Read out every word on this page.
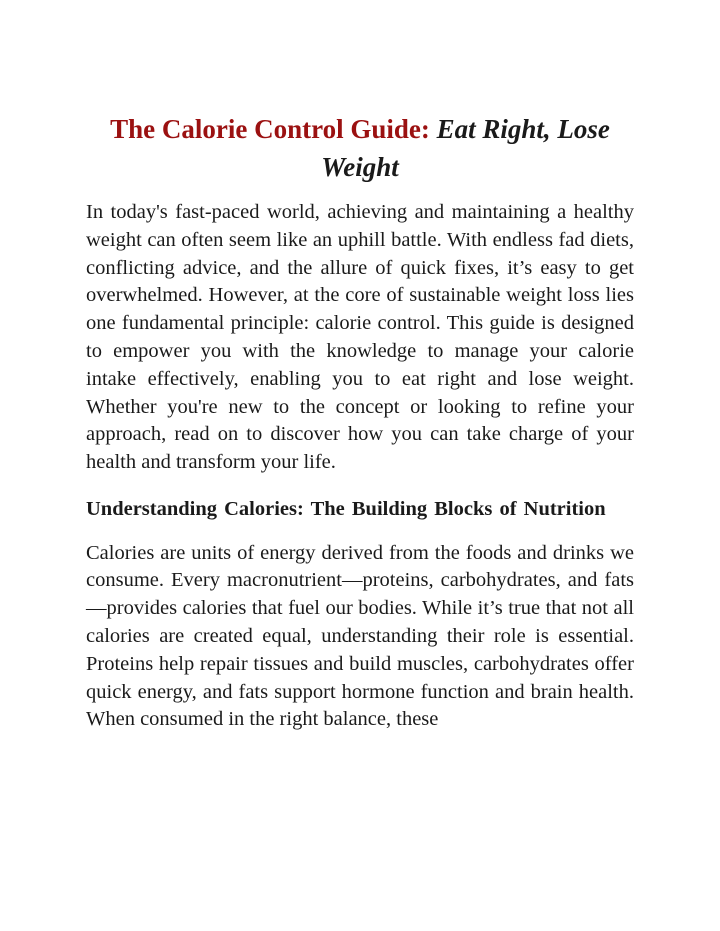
The Calorie Control Guide: Eat Right, Lose Weight

In today's fast-paced world, achieving and maintaining a healthy weight can often seem like an uphill battle. With endless fad diets, conflicting advice, and the allure of quick fixes, it’s easy to get overwhelmed. However, at the core of sustainable weight loss lies one fundamental principle: calorie control. This guide is designed to empower you with the knowledge to manage your calorie intake effectively, enabling you to eat right and lose weight. Whether you're new to the concept or looking to refine your approach, read on to discover how you can take charge of your health and transform your life.

Understanding Calories: The Building Blocks of Nutrition

Calories are units of energy derived from the foods and drinks we consume. Every macronutrient—proteins, carbohydrates, and fats—provides calories that fuel our bodies. While it’s true that not all calories are created equal, understanding their role is essential. Proteins help repair tissues and build muscles, carbohydrates offer quick energy, and fats support hormone function and brain health. When consumed in the right balance, these
